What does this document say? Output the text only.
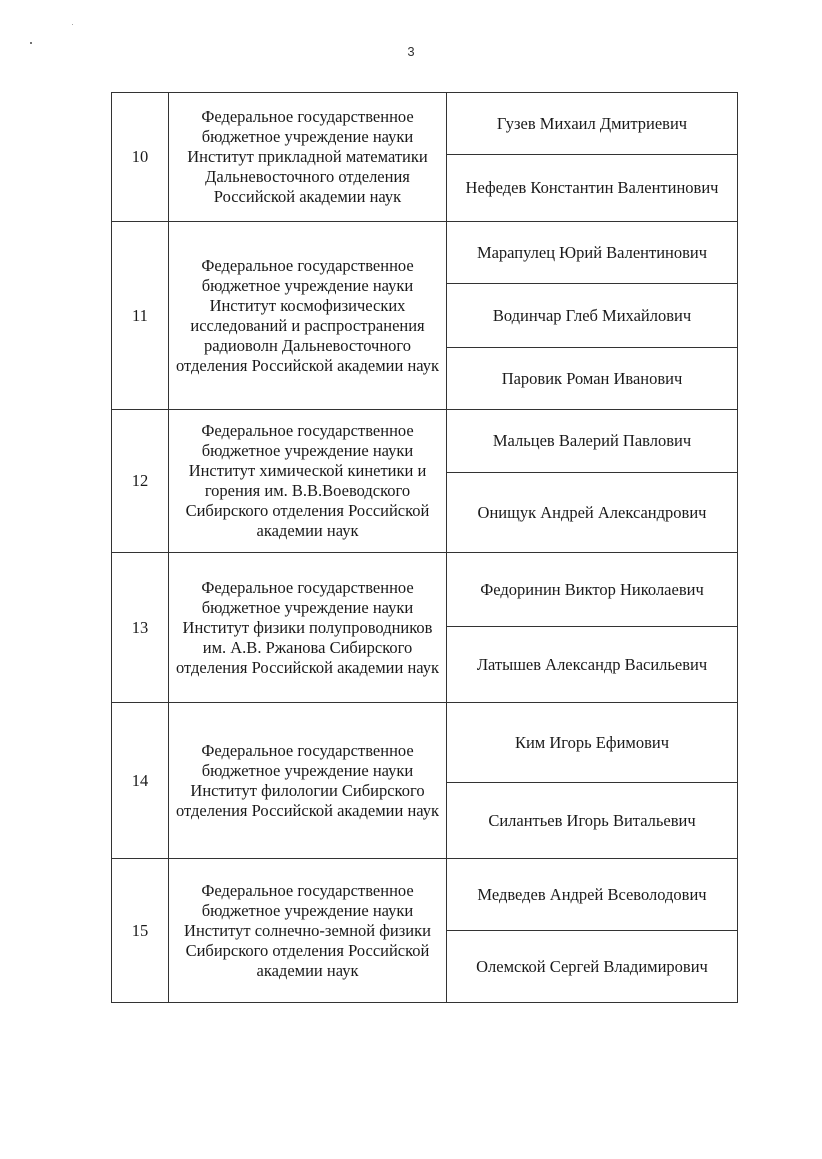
3
10	Федеральное государственное бюджетное учреждение науки Институт прикладной математики Дальневосточного отделения Российской академии наук	Гузев Михаил Дмитриевич
		Нефедев Константин Валентинович
11	Федеральное государственное бюджетное учреждение науки Институт космофизических исследований и распространения радиоволн Дальневосточного отделения Российской академии наук	Марапулец Юрий Валентинович
		Водинчар Глеб Михайлович
		Паровик Роман Иванович
12	Федеральное государственное бюджетное учреждение науки Институт химической кинетики и горения им. В.В.Воеводского Сибирского отделения Российской академии наук	Мальцев Валерий Павлович
		Онищук Андрей Александрович
13	Федеральное государственное бюджетное учреждение науки Институт физики полупроводников им. А.В. Ржанова Сибирского отделения Российской академии наук	Федоринин Виктор Николаевич
		Латышев Александр Васильевич
14	Федеральное государственное бюджетное учреждение науки Институт филологии Сибирского отделения Российской академии наук	Ким Игорь Ефимович
		Силантьев Игорь Витальевич
15	Федеральное государственное бюджетное учреждение науки Институт солнечно-земной физики Сибирского отделения Российской академии наук	Медведев Андрей Всеволодович
		Олемской Сергей Владимирович
